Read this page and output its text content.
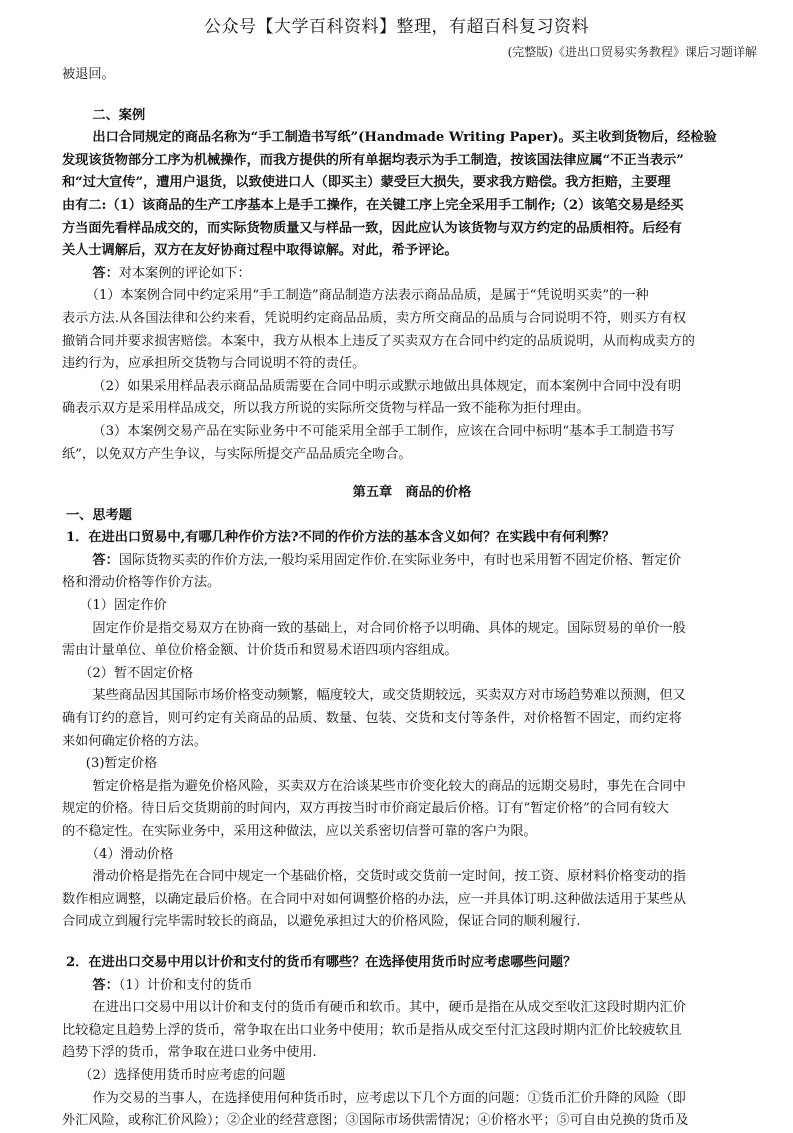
公众号【大学百科资料】整理，有超百科复习资料
(完整版)《进出口贸易实务教程》课后习题详解

被退回。

二、案例

出口合同规定的商品名称为“手工制造书写纸”(Handmade Writing Paper)。买主收到货物后，经检验

发现该货物部分工序为机械操作，而我方提供的所有单据均表示为手工制造，按该国法律应属“不正当表示”

和“过大宣传”，遭用户退货，以致使进口人（即买主）蒙受巨大损失，要求我方赔偿。我方拒赔，主要理

由有二:（1）该商品的生产工序基本上是手工操作，在关键工序上完全采用手工制作;（2）该笔交易是经买

方当面先看样品成交的，而实际货物质量又与样品一致，因此应认为该货物与双方约定的品质相符。后经有

关人士调解后，双方在友好协商过程中取得谅解。对此，希予评论。

答：对本案例的评论如下：

（1）本案例合同中约定采用“手工制造”商品制造方法表示商品品质，是属于“凭说明买卖”的一种

表示方法.从各国法律和公约来看，凭说明约定商品品质，卖方所交商品的品质与合同说明不符，则买方有权

撤销合同并要求损害赔偿。本案中，我方从根本上违反了买卖双方在合同中约定的品质说明，从而构成卖方的

违约行为，应承担所交货物与合同说明不符的责任。

（2）如果采用样品表示商品品质需要在合同中明示或默示地做出具体规定，而本案例中合同中没有明

确表示双方是采用样品成交，所以我方所说的实际所交货物与样品一致不能称为拒付理由。

（3）本案例交易产品在实际业务中不可能采用全部手工制作，应该在合同中标明“基本手工制造书写

纸”，以免双方产生争议，与实际所提交产品品质完全吻合。

第五章　商品的价格

一、思考题

1．在进出口贸易中,有哪几种作价方法?不同的作价方法的基本含义如何？在实践中有何利弊？

答：国际货物买卖的作价方法,一般均采用固定作价.在实际业务中，有时也采用暂不固定价格、暂定价

格和滑动价格等作价方法。

（1）固定作价

固定作价是指交易双方在协商一致的基础上，对合同价格予以明确、具体的规定。国际贸易的单价一般

需由计量单位、单位价格金额、计价货币和贸易术语四项内容组成。

（2）暂不固定价格

某些商品因其国际市场价格变动频繁，幅度较大，或交货期较远，买卖双方对市场趋势难以预测，但又

确有订约的意旨，则可约定有关商品的品质、数量、包装、交货和支付等条件，对价格暂不固定，而约定将

来如何确定价格的方法。

(3)暂定价格

暂定价格是指为避免价格风险，买卖双方在洽谈某些市价变化较大的商品的远期交易时，事先在合同中

规定的价格。待日后交货期前的时间内，双方再按当时市价商定最后价格。订有“暂定价格”的合同有较大

的不稳定性。在实际业务中，采用这种做法，应以关系密切信誉可靠的客户为限。

（4）滑动价格

滑动价格是指先在合同中规定一个基础价格，交货时或交货前一定时间，按工资、原材料价格变动的指

数作相应调整，以确定最后价格。在合同中对如何调整价格的办法，应一并具体订明.这种做法适用于某些从

合同成立到履行完毕需时较长的商品，以避免承担过大的价格风险，保证合同的顺利履行.

2．在进出口交易中用以计价和支付的货币有哪些？在选择使用货币时应考虑哪些问题？

答：（1）计价和支付的货币

在进出口交易中用以计价和支付的货币有硬币和软币。其中，硬币是指在从成交至收汇这段时期内汇价

比较稳定且趋势上浮的货币，常争取在出口业务中使用；软币是指从成交至付汇这段时期内汇价比较疲软且

趋势下浮的货币，常争取在进口业务中使用.

（2）选择使用货币时应考虑的问题

作为交易的当事人，在选择使用何种货币时，应考虑以下几个方面的问题：①货币汇价升降的风险（即

外汇风险，或称汇价风险）；②企业的经营意图；③国际市场供需情况；④价格水平；⑤可自由兑换的货币及
